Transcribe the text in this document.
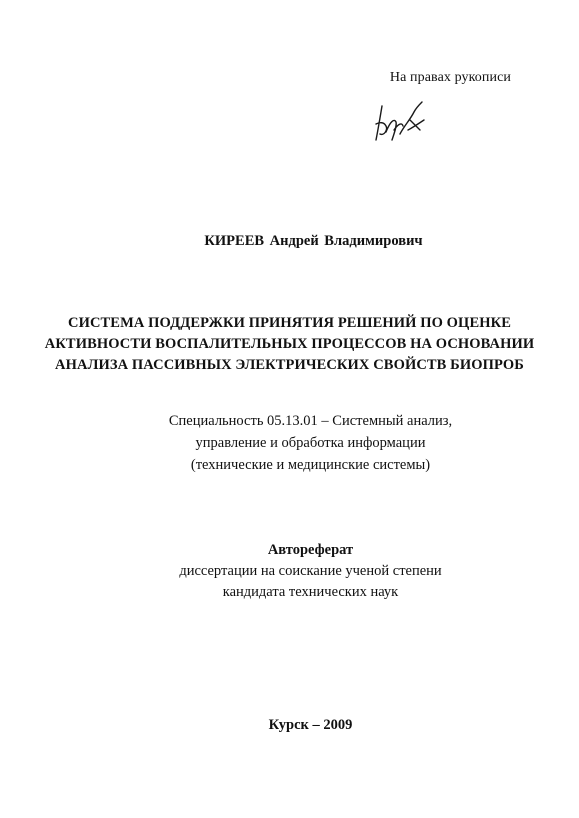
На правах рукописи
КИРЕЕВ Андрей Владимирович
СИСТЕМА ПОДДЕРЖКИ ПРИНЯТИЯ РЕШЕНИЙ ПО ОЦЕНКЕ
АКТИВНОСТИ ВОСПАЛИТЕЛЬНЫХ ПРОЦЕССОВ НА ОСНОВАНИИ
АНАЛИЗА ПАССИВНЫХ ЭЛЕКТРИЧЕСКИХ СВОЙСТВ БИОПРОБ
Специальность 05.13.01 – Системный анализ,
управление и обработка информации
(технические и медицинские системы)
Автореферат
диссертации на соискание ученой степени
кандидата технических наук
Курск – 2009
